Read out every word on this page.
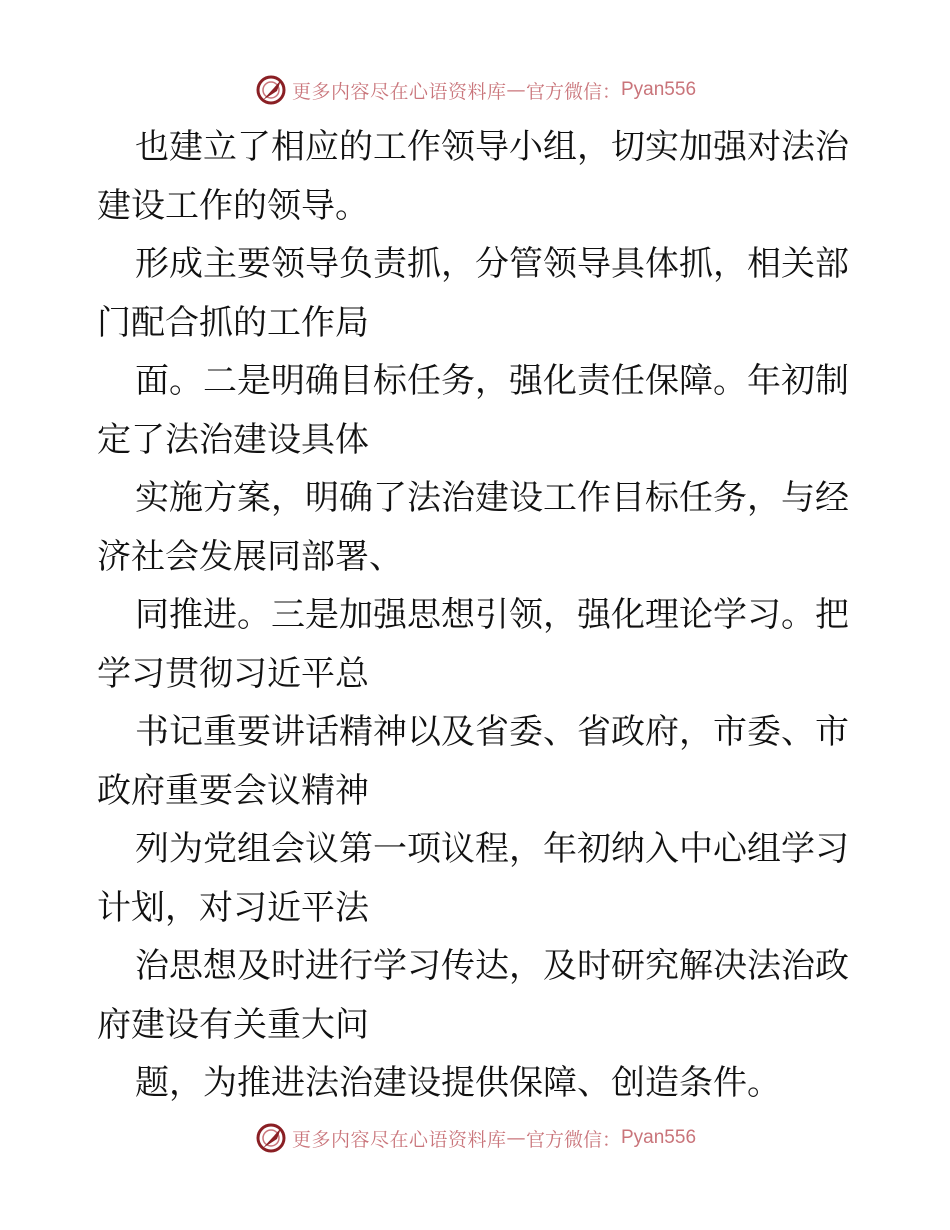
更多内容尽在心语资料库 — 官方微信： Pyan556
也建立了相应的工作领导小组，切实加强对法治
建设工作的领导。
形成主要领导负责抓，分管领导具体抓，相关部
门配合抓的工作局
面。二是明确目标任务，强化责任保障。年初制
定了法治建设具体
实施方案，明确了法治建设工作目标任务，与经
济社会发展同部署、
同推进。三是加强思想引领，强化理论学习。把
学习贯彻习近平总
书记重要讲话精神以及省委、省政府，市委、市
政府重要会议精神
列为党组会议第一项议程，年初纳入中心组学习
计划，对习近平法
治思想及时进行学习传达，及时研究解决法治政
府建设有关重大问
题，为推进法治建设提供保障、创造条件。
更多内容尽在心语资料库 — 官方微信： Pyan556
